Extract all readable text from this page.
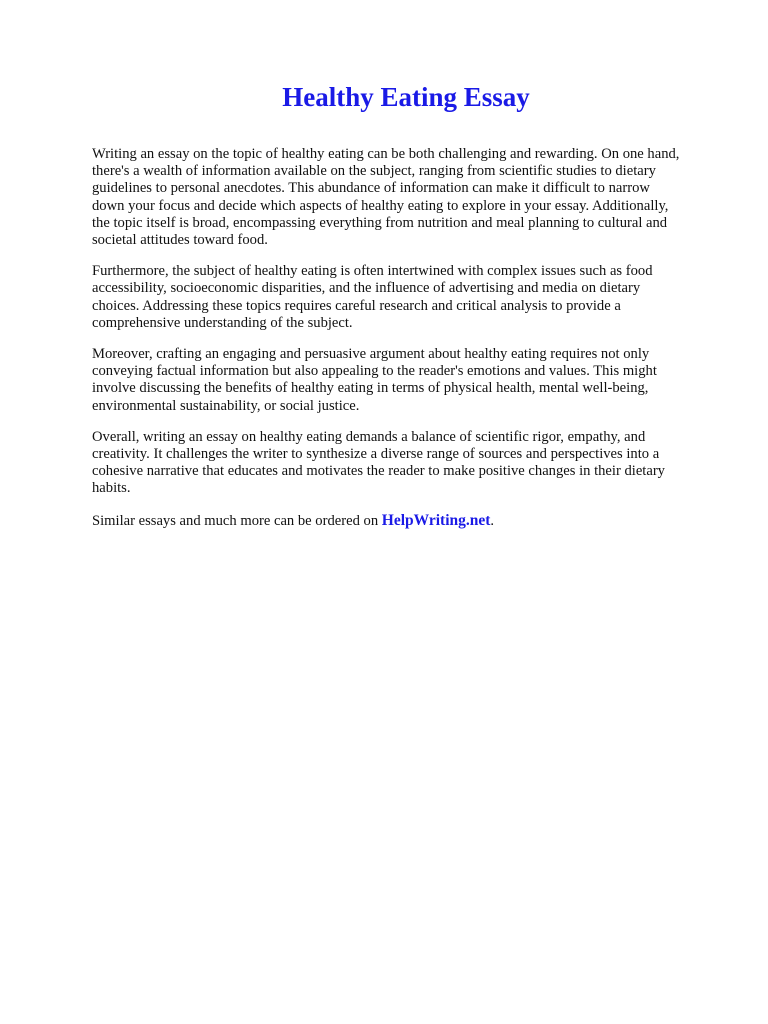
Healthy Eating Essay

Writing an essay on the topic of healthy eating can be both challenging and rewarding. On one hand,
there's a wealth of information available on the subject, ranging from scientific studies to dietary
guidelines to personal anecdotes. This abundance of information can make it difficult to narrow
down your focus and decide which aspects of healthy eating to explore in your essay. Additionally,
the topic itself is broad, encompassing everything from nutrition and meal planning to cultural and
societal attitudes toward food.

Furthermore, the subject of healthy eating is often intertwined with complex issues such as food
accessibility, socioeconomic disparities, and the influence of advertising and media on dietary
choices. Addressing these topics requires careful research and critical analysis to provide a
comprehensive understanding of the subject.

Moreover, crafting an engaging and persuasive argument about healthy eating requires not only
conveying factual information but also appealing to the reader's emotions and values. This might
involve discussing the benefits of healthy eating in terms of physical health, mental well-being,
environmental sustainability, or social justice.

Overall, writing an essay on healthy eating demands a balance of scientific rigor, empathy, and
creativity. It challenges the writer to synthesize a diverse range of sources and perspectives into a
cohesive narrative that educates and motivates the reader to make positive changes in their dietary
habits.

Similar essays and much more can be ordered on HelpWriting.net.
